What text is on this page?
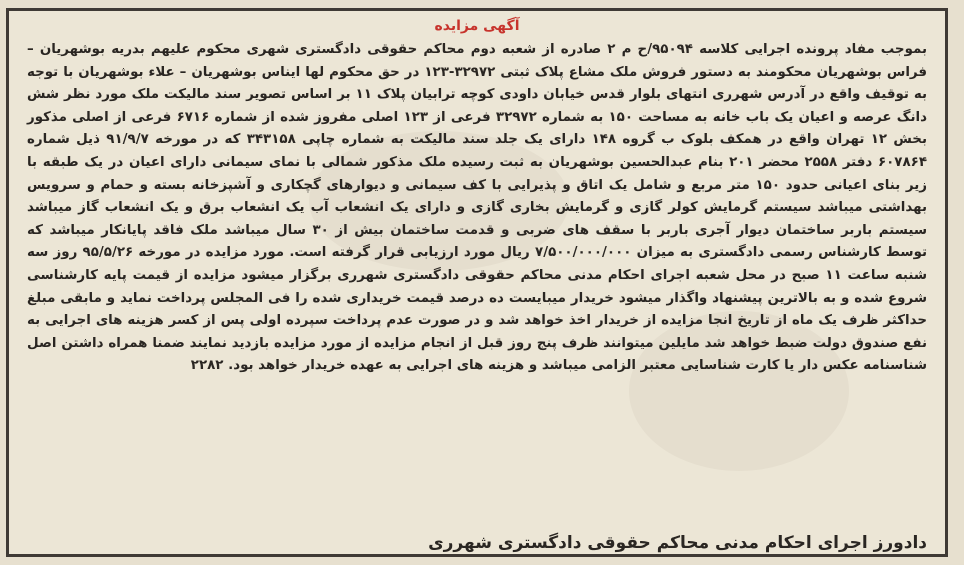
آگهی مزایده
بموجب مفاد پرونده اجرایی کلاسه ۹۵۰۹۴/ح م ۲ صادره از شعبه دوم محاکم حقوقی دادگستری شهری محکوم علیهم بدریه بوشهریان – فراس بوشهریان محکومند به دستور فروش ملک مشاع پلاک ثبتی ۳۲۹۷۲-۱۲۳ در حق محکوم لها ایناس بوشهریان – علاء بوشهریان با توجه به توقیف واقع در آدرس شهرری انتهای بلوار قدس خیابان داودی کوچه ترابیان پلاک ۱۱ بر اساس تصویر سند مالیکت ملک مورد نظر شش دانگ عرصه و اعیان یک باب خانه به مساحت ۱۵۰ به شماره ۳۲۹۷۲ فرعی از ۱۲۳ اصلی مفروز شده از شماره ۶۷۱۶ فرعی از اصلی مذکور بخش ۱۲ تهران واقع در همکف بلوک ب گروه ۱۴۸ دارای یک جلد سند مالیکت به شماره چاپی ۳۴۳۱۵۸ که در مورخه ۹۱/۹/۷ ذیل شماره ۶۰۷۸۶۴ دفتر ۲۵۵۸ محضر ۲۰۱ بنام عبدالحسین بوشهریان به ثبت رسیده ملک مذکور شمالی با نمای سیمانی دارای اعیان در یک طبقه با زیر بنای اعیانی حدود ۱۵۰ متر مربع و شامل یک اتاق و پذیرایی با کف سیمانی و دیوارهای گچکاری و آشپزخانه بسته و حمام و سرویس بهداشتی میباشد سیستم گرمایش کولر گازی و گرمایش بخاری گازی و دارای یک انشعاب آب یک انشعاب برق و یک انشعاب گاز میباشد سیستم باربر ساختمان دیوار آجری باربر با سقف های ضربی و قدمت ساختمان بیش از ۳۰ سال میباشد ملک فاقد پایانکار میباشد که توسط کارشناس رسمی دادگستری به میزان ۷/۵۰۰/۰۰۰/۰۰۰ ریال مورد ارزیابی قرار گرفته است. مورد مزایده در مورخه ۹۵/۵/۲۶ روز سه شنبه ساعت ۱۱ صبح در محل شعبه اجرای احکام مدنی محاکم حقوقی دادگستری شهرری برگزار میشود مزایده از قیمت پایه کارشناسی شروع شده و به بالاترین پیشنهاد واگذار میشود خریدار میبایست ده درصد قیمت خریداری شده را فی المجلس پرداخت نماید و مابقی مبلغ حداکثر ظرف یک ماه از تاریخ انجا مزایده از خریدار اخذ خواهد شد و در صورت عدم پرداخت سپرده اولی پس از کسر هزینه های اجرایی به نفع صندوق دولت ضبط خواهد شد مایلین میتوانند ظرف پنج روز قبل از انجام مزایده از مورد مزایده بازدید نمایند ضمنا همراه داشتن اصل شناسنامه عکس دار یا کارت شناسایی معتبر الزامی میباشد و هزینه های اجرایی به عهده خریدار خواهد بود. ۲۲۸۲
دادورز اجرای احکام مدنی محاکم حقوقی دادگستری شهرری
